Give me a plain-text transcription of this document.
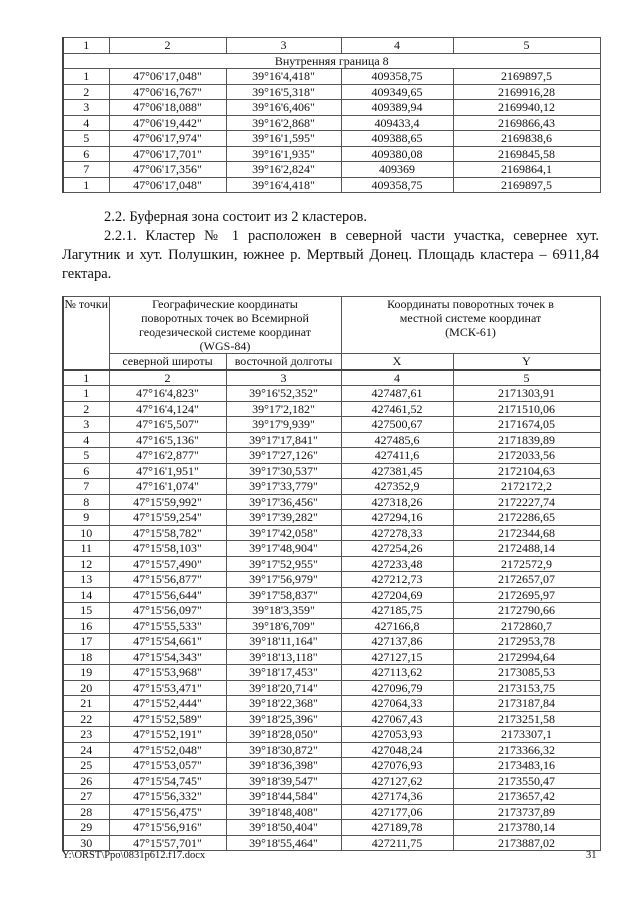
1	2	3	4	5
Внутренняя граница 8				
1	47°06'17,048"	39°16'4,418"	409358,75	2169897,5
2	47°06'16,767"	39°16'5,318"	409349,65	2169916,28
3	47°06'18,088"	39°16'6,406"	409389,94	2169940,12
4	47°06'19,442"	39°16'2,868"	409433,4	2169866,43
5	47°06'17,974"	39°16'1,595"	409388,65	2169838,6
6	47°06'17,701"	39°16'1,935"	409380,08	2169845,58
7	47°06'17,356"	39°16'2,824"	409369	2169864,1
1	47°06'17,048"	39°16'4,418"	409358,75	2169897,5
2.2. Буферная зона состоит из 2 кластеров.
2.2.1. Кластер № 1 расположен в северной части участка, севернее хут. Лагутник и хут. Полушкин, южнее р. Мертвый Донец. Площадь кластера – 6911,84 гектара.
№ точки	Географические координаты поворотных точек во Всемирной геодезической системе координат (WGS-84)		Координаты поворотных точек в местной системе координат (МСК-61)	
	северной широты	восточной долготы	X	Y
1	2	3	4	5
1	47°16'4,823"	39°16'52,352"	427487,61	2171303,91
2	47°16'4,124"	39°17'2,182"	427461,52	2171510,06
3	47°16'5,507"	39°17'9,939"	427500,67	2171674,05
4	47°16'5,136"	39°17'17,841"	427485,6	2171839,89
5	47°16'2,877"	39°17'27,126"	427411,6	2172033,56
6	47°16'1,951"	39°17'30,537"	427381,45	2172104,63
7	47°16'1,074"	39°17'33,779"	427352,9	2172172,2
8	47°15'59,992"	39°17'36,456"	427318,26	2172227,74
9	47°15'59,254"	39°17'39,282"	427294,16	2172286,65
10	47°15'58,782"	39°17'42,058"	427278,33	2172344,68
11	47°15'58,103"	39°17'48,904"	427254,26	2172488,14
12	47°15'57,490"	39°17'52,955"	427233,48	2172572,9
13	47°15'56,877"	39°17'56,979"	427212,73	2172657,07
14	47°15'56,644"	39°17'58,837"	427204,69	2172695,97
15	47°15'56,097"	39°18'3,359"	427185,75	2172790,66
16	47°15'55,533"	39°18'6,709"	427166,8	2172860,7
17	47°15'54,661"	39°18'11,164"	427137,86	2172953,78
18	47°15'54,343"	39°18'13,118"	427127,15	2172994,64
19	47°15'53,968"	39°18'17,453"	427113,62	2173085,53
20	47°15'53,471"	39°18'20,714"	427096,79	2173153,75
21	47°15'52,444"	39°18'22,368"	427064,33	2173187,84
22	47°15'52,589"	39°18'25,396"	427067,43	2173251,58
23	47°15'52,191"	39°18'28,050"	427053,93	2173307,1
24	47°15'52,048"	39°18'30,872"	427048,24	2173366,32
25	47°15'53,057"	39°18'36,398"	427076,93	2173483,16
26	47°15'54,745"	39°18'39,547"	427127,62	2173550,47
27	47°15'56,332"	39°18'44,584"	427174,36	2173657,42
28	47°15'56,475"	39°18'48,408"	427177,06	2173737,89
29	47°15'56,916"	39°18'50,404"	427189,78	2173780,14
30	47°15'57,701"	39°18'55,464"	427211,75	2173887,02
Y:\ORST\Ppo\0831p612.f17.docx	31
